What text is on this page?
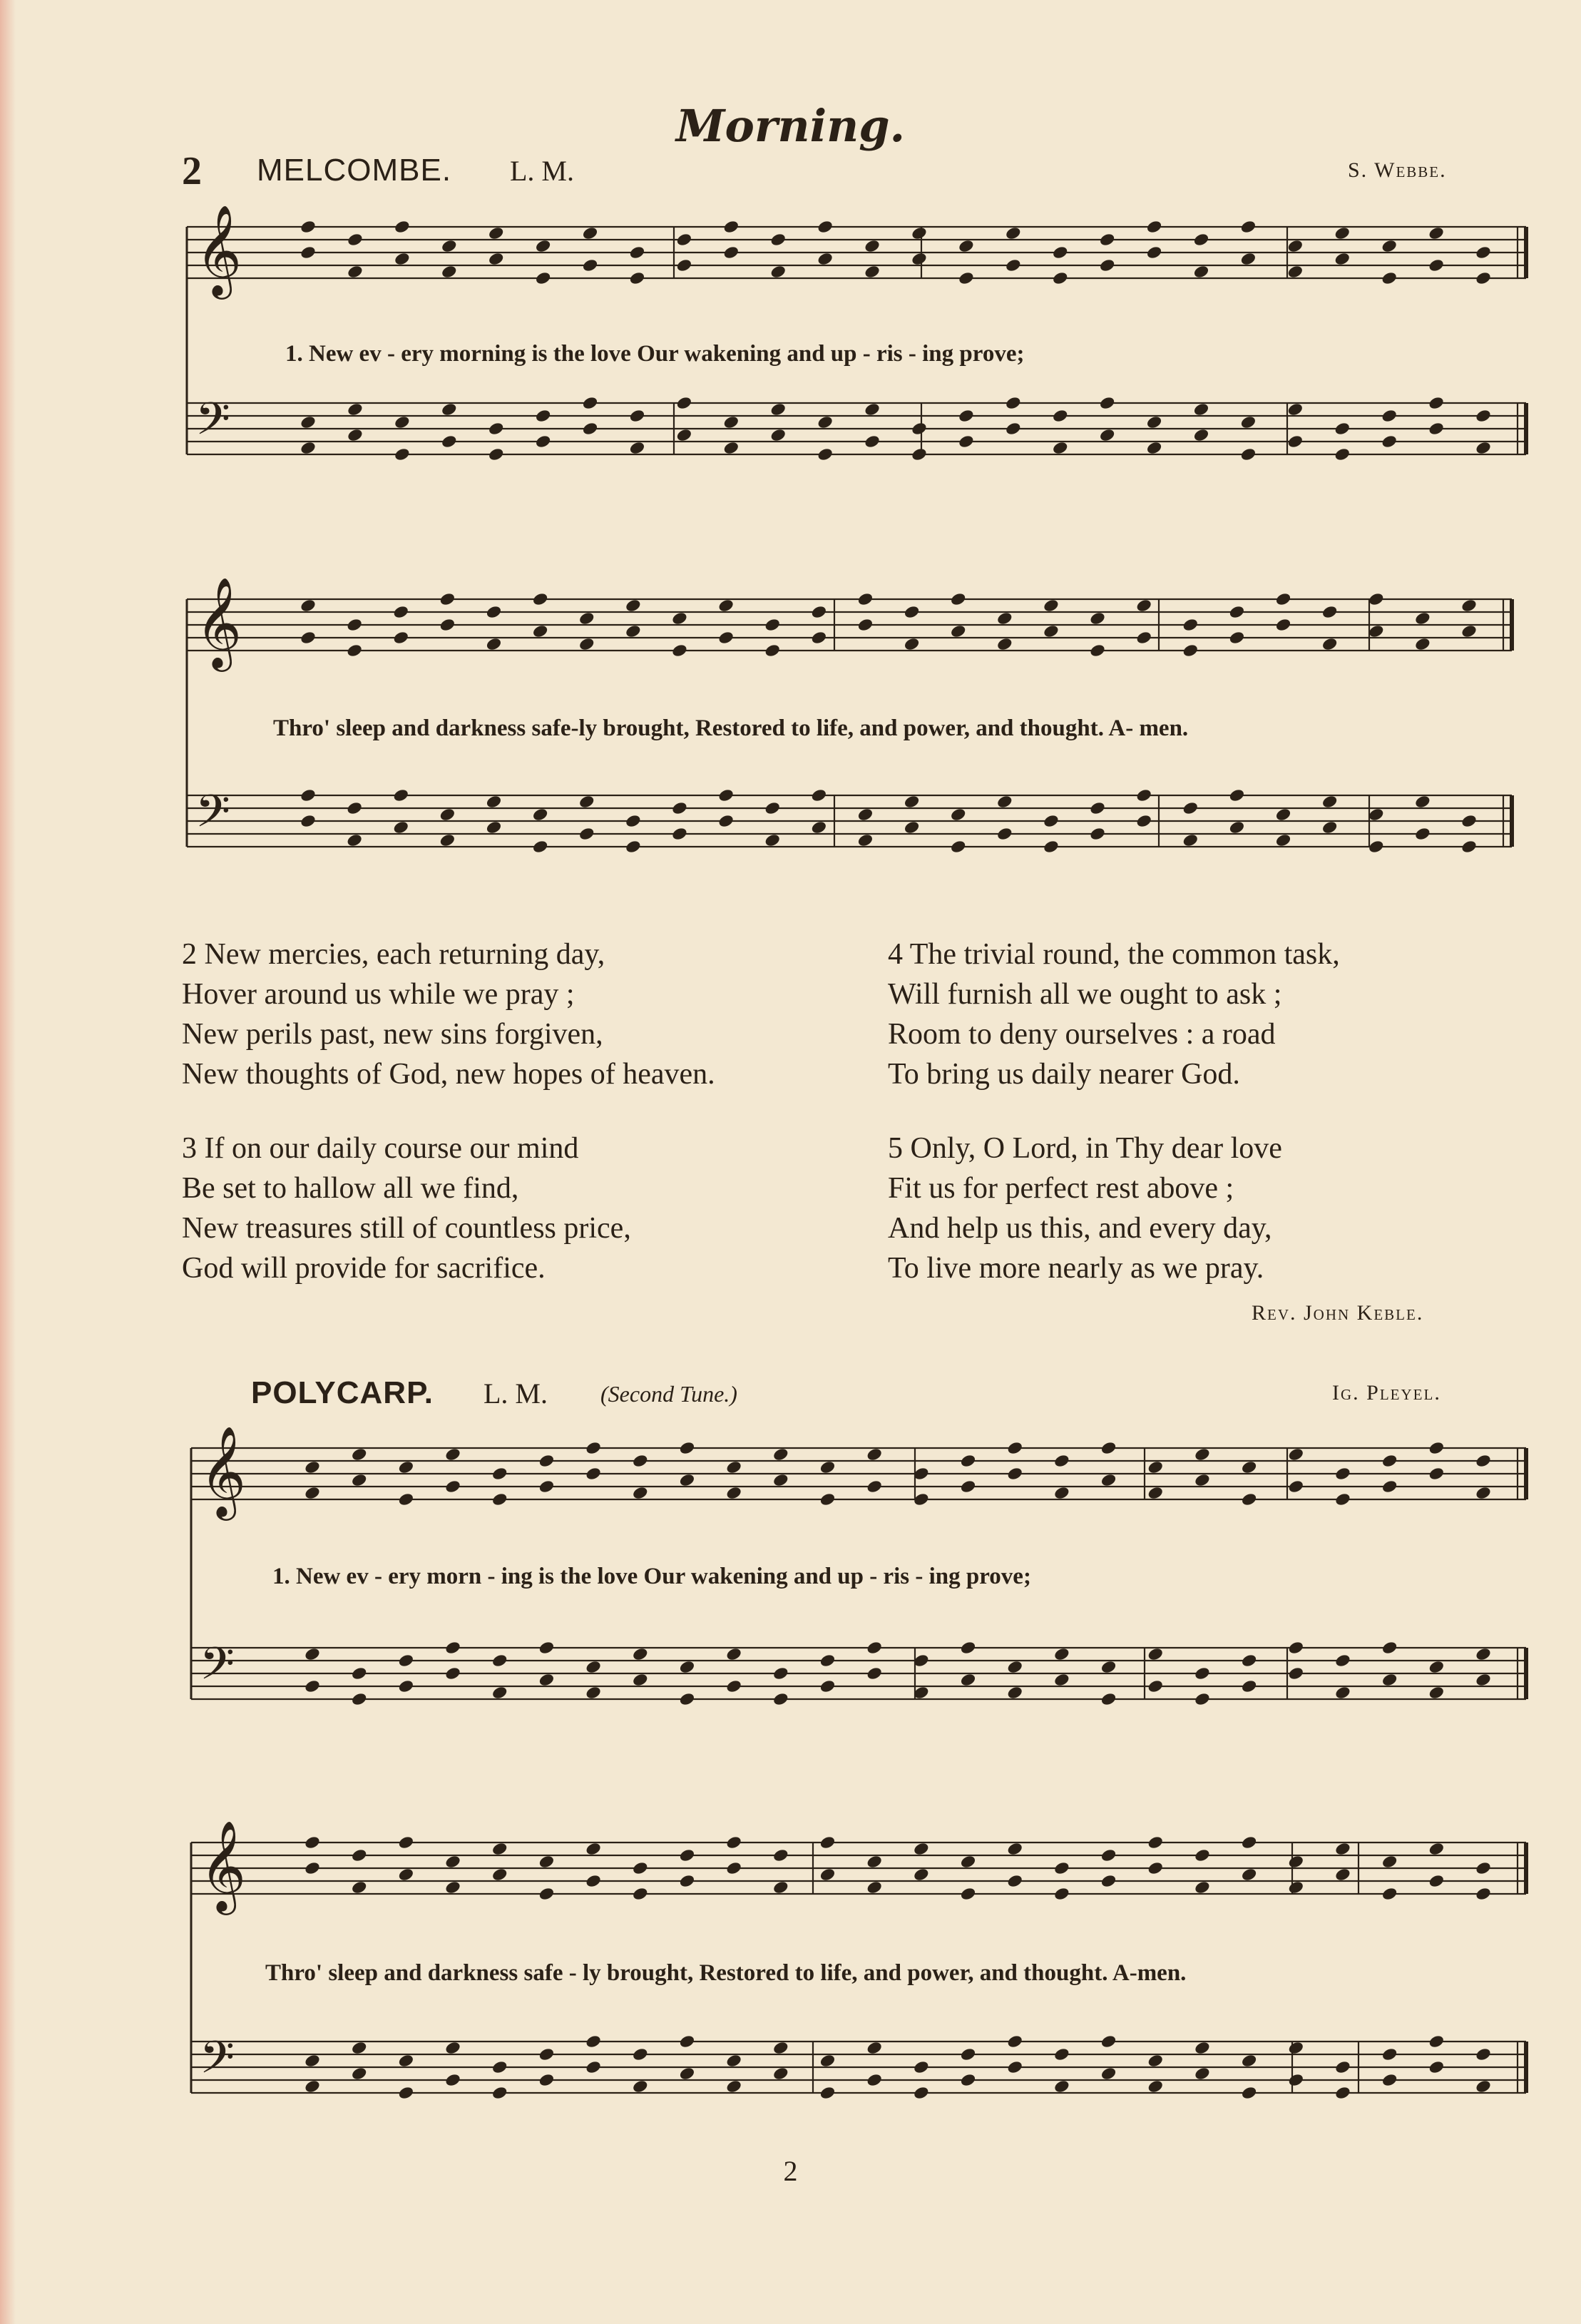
Morning.
2 MELCOMBE. L. M.	S. Webbe.
𝄞
𝄢
𝄞
𝄢
𝄞
𝄢
𝄞
𝄢
1. New ev - ery morning is the love Our wakening and up - ris - ing prove;
Thro' sleep and darkness safe-ly brought, Restored to life, and power, and thought. A- men.
2 New mercies, each returning day,
Hover around us while we pray ;
New perils past, new sins forgiven,
New thoughts of God, new hopes of heaven.
4 The trivial round, the common task,
Will furnish all we ought to ask ;
Room to deny ourselves : a road
To bring us daily nearer God.
3 If on our daily course our mind
Be set to hallow all we find,
New treasures still of countless price,
God will provide for sacrifice.
5 Only, O Lord, in Thy dear love
Fit us for perfect rest above ;
And help us this, and every day,
To live more nearly as we pray.
Rev. John Keble.
POLYCARP. L. M. (Second Tune.)	Ig. Pleyel.
1. New ev - ery morn - ing is the love Our wakening and up - ris - ing prove;
Thro' sleep and darkness safe - ly brought, Restored to life, and power, and thought. A-men.
2
